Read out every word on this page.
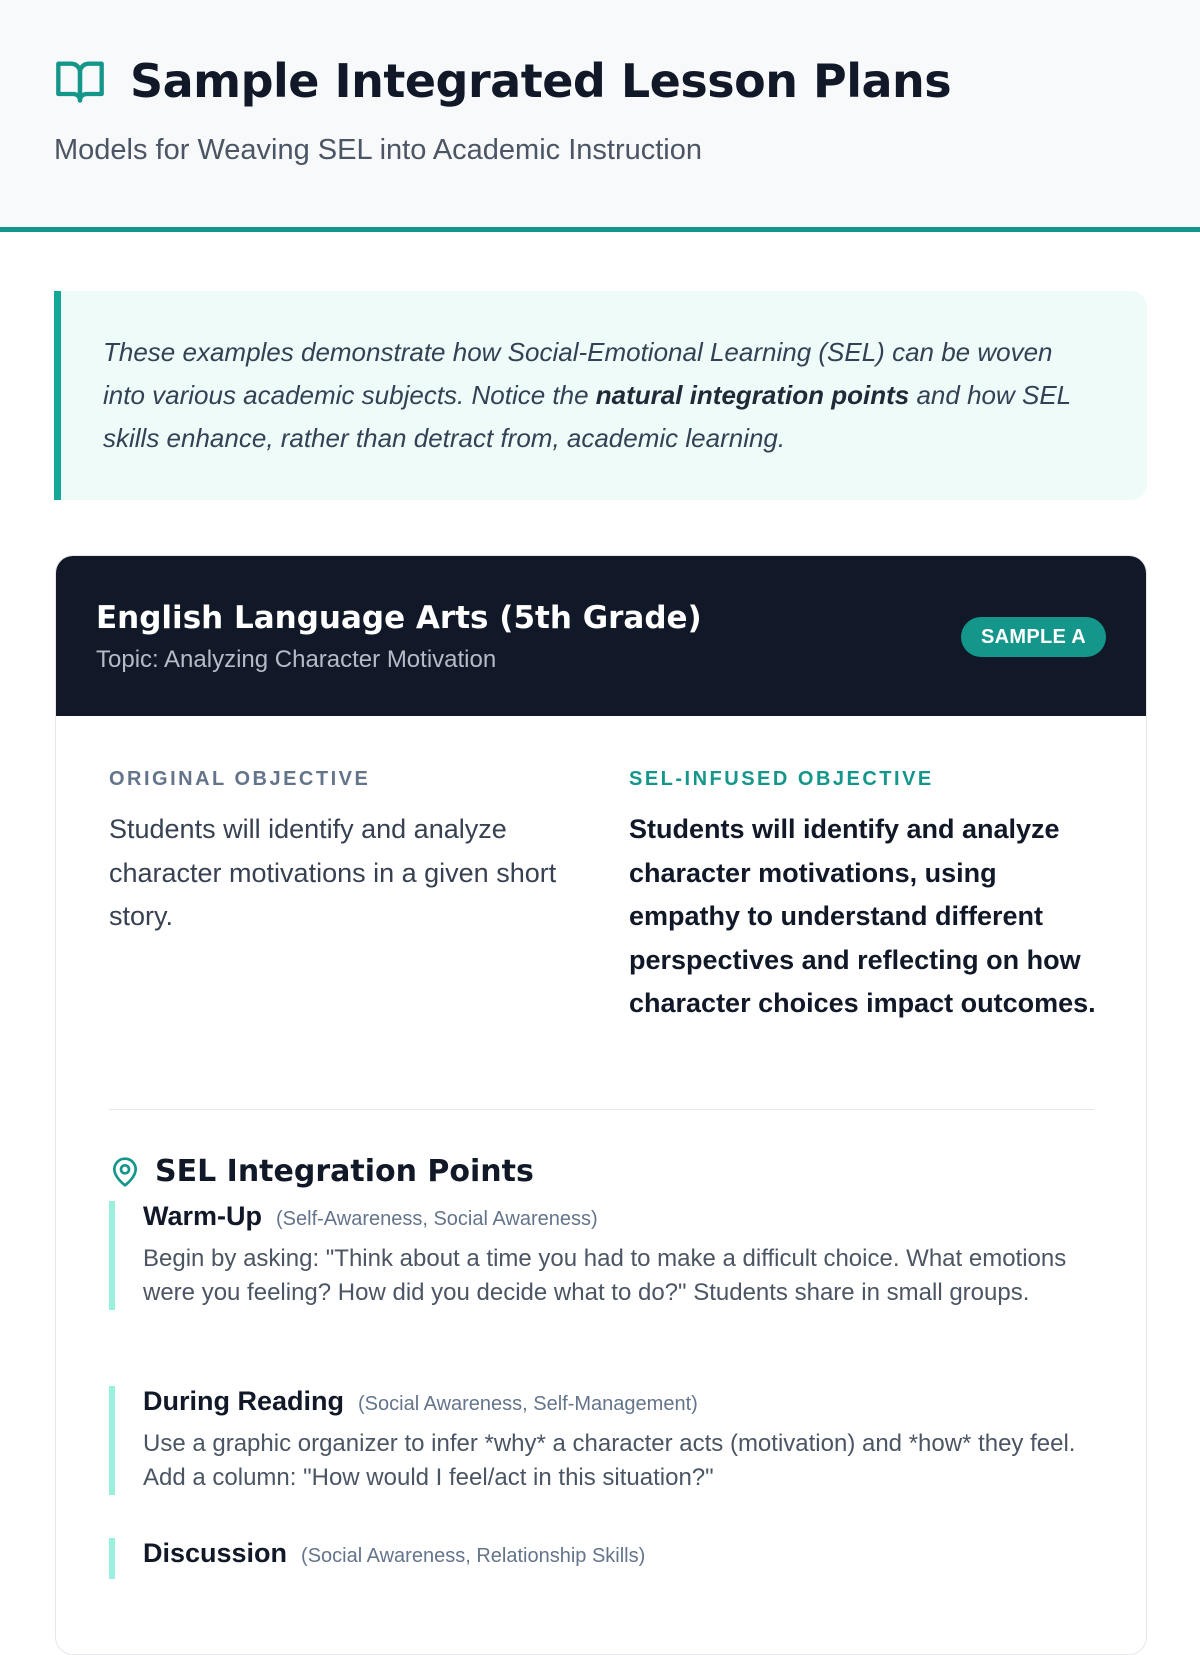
Sample Integrated Lesson Plans
Models for Weaving SEL into Academic Instruction

These examples demonstrate how Social-Emotional Learning (SEL) can be woven into various academic subjects. Notice the natural integration points and how SEL skills enhance, rather than detract from, academic learning.

English Language Arts (5th Grade)
Topic: Analyzing Character Motivation
SAMPLE A
ORIGINAL OBJECTIVE
Students will identify and analyze character motivations in a given short story.
SEL-INFUSED OBJECTIVE
Students will identify and analyze character motivations, using empathy to understand different perspectives and reflecting on how character choices impact outcomes.
SEL Integration Points
Warm-Up (Self-Awareness, Social Awareness)
Begin by asking: "Think about a time you had to make a difficult choice. What emotions were you feeling? How did you decide what to do?" Students share in small groups.
During Reading (Social Awareness, Self-Management)
Use a graphic organizer to infer *why* a character acts (motivation) and *how* they feel. Add a column: "How would I feel/act in this situation?"
Discussion (Social Awareness, Relationship Skills)
